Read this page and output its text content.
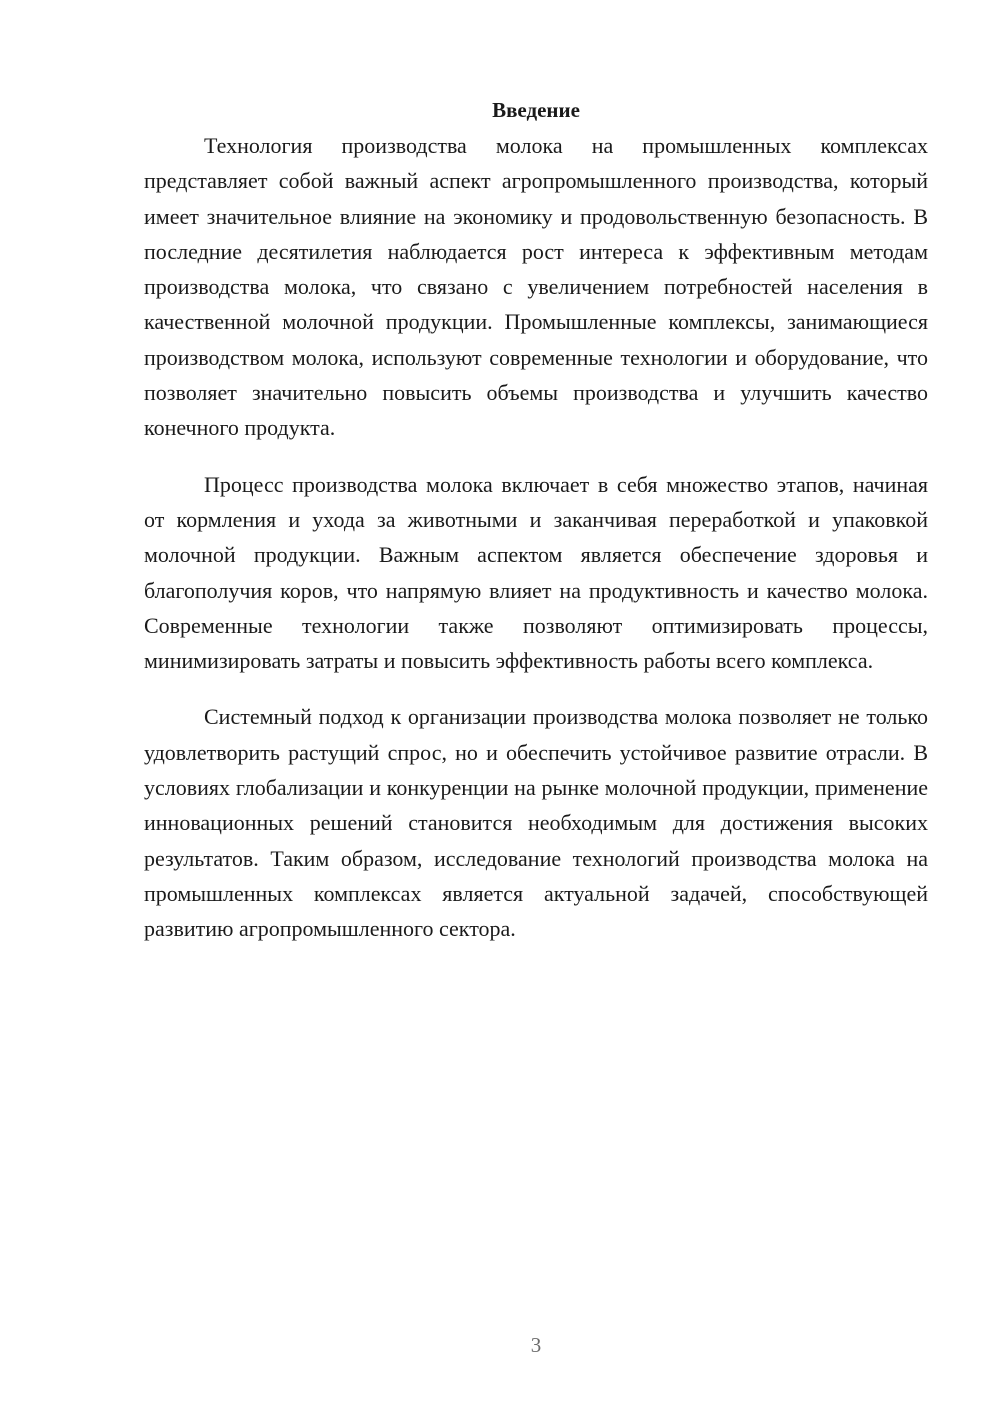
Введение

Технология производства молока на промышленных комплексах представляет собой важный аспект агропромышленного производства, который имеет значительное влияние на экономику и продовольственную безопасность. В последние десятилетия наблюдается рост интереса к эффективным методам производства молока, что связано с увеличением потребностей населения в качественной молочной продукции. Промышленные комплексы, занимающиеся производством молока, используют современные технологии и оборудование, что позволяет значительно повысить объемы производства и улучшить качество конечного продукта.

Процесс производства молока включает в себя множество этапов, начиная от кормления и ухода за животными и заканчивая переработкой и упаковкой молочной продукции. Важным аспектом является обеспечение здоровья и благополучия коров, что напрямую влияет на продуктивность и качество молока. Современные технологии также позволяют оптимизировать процессы, минимизировать затраты и повысить эффективность работы всего комплекса.

Системный подход к организации производства молока позволяет не только удовлетворить растущий спрос, но и обеспечить устойчивое развитие отрасли. В условиях глобализации и конкуренции на рынке молочной продукции, применение инновационных решений становится необходимым для достижения высоких результатов. Таким образом, исследование технологий производства молока на промышленных комплексах является актуальной задачей, способствующей развитию агропромышленного сектора.

3
